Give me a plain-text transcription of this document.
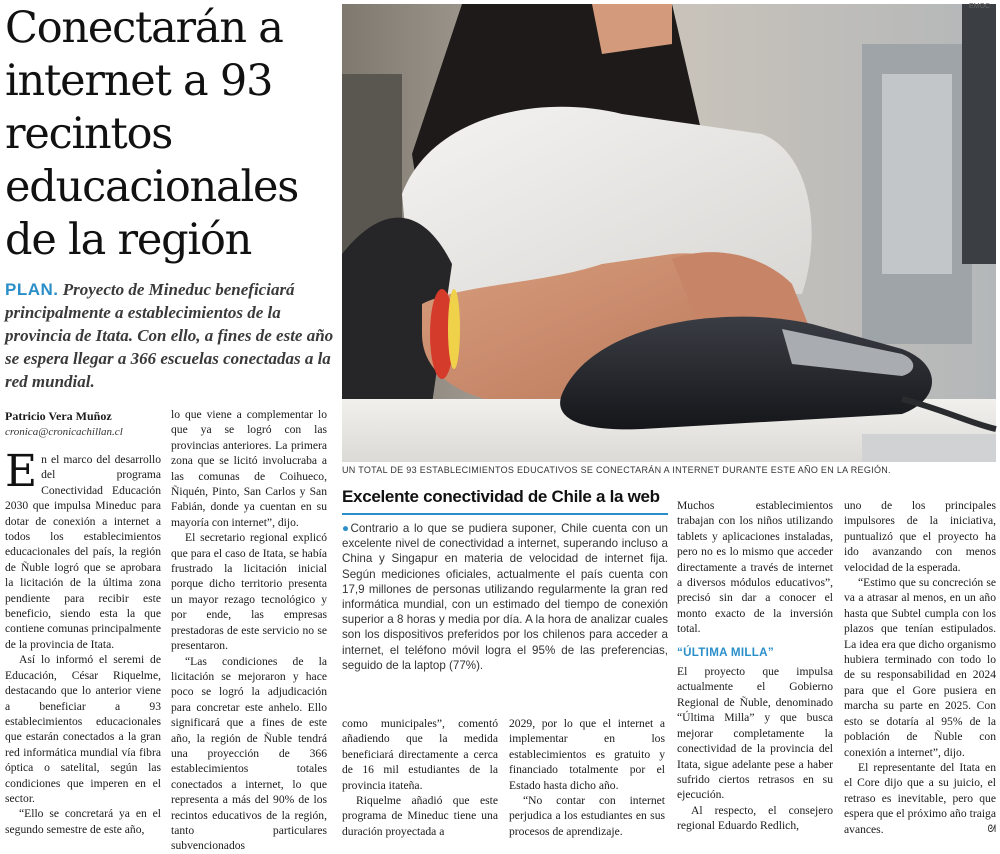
Conectarán a internet a 93 recintos educacionales de la región
PLAN. Proyecto de Mineduc beneficiará principalmente a establecimientos de la provincia de Itata. Con ello, a fines de este año se espera llegar a 366 escuelas conectadas a la red mundial.
Patricio Vera Muñoz
cronica@cronicachillan.cl

En el marco del desarrollo del programa Conectividad Educación 2030 que impulsa Mineduc para dotar de conexión a internet a todos los establecimientos educacionales del país, la región de Ñuble logró que se aprobara la licitación de la última zona pendiente para recibir este beneficio, siendo esta la que contiene comunas principalmente de la provincia de Itata.

Así lo informó el seremi de Educación, César Riquelme, destacando que lo anterior viene a beneficiar a 93 establecimientos educacionales que estarán conectados a la gran red informática mundial vía fibra óptica o satelital, según las condiciones que imperen en el sector.

“Ello se concretará ya en el segundo semestre de este año,

lo que viene a complementar lo que ya se logró con las provincias anteriores. La primera zona que se licitó involucraba a las comunas de Coihueco, Ñiquén, Pinto, San Carlos y San Fabián, donde ya cuentan en su mayoría con internet”, dijo.

El secretario regional explicó que para el caso de Itata, se había frustrado la licitación inicial porque dicho territorio presenta un mayor rezago tecnológico y por ende, las empresas prestadoras de este servicio no se presentaron.

“Las condiciones de la licitación se mejoraron y hace poco se logró la adjudicación para concretar este anhelo. Ello significará que a fines de este año, la región de Ñuble tendrá una proyección de 366 establecimientos totales conectados a internet, lo que representa a más del 90% de los recintos educativos de la región, tanto particulares subvencionados

EMOC
UN TOTAL DE 93 ESTABLECIMIENTOS EDUCATIVOS SE CONECTARÁN A INTERNET DURANTE ESTE AÑO EN LA REGIÓN.
Excelente conectividad de Chile a la web
●Contrario a lo que se pudiera suponer, Chile cuenta con un excelente nivel de conectividad a internet, superando incluso a China y Singapur en materia de velocidad de internet fija. Según mediciones oficiales, actualmente el país cuenta con 17,9 millones de personas utilizando regularmente la gran red informática mundial, con un estimado del tiempo de conexión superior a 8 horas y media por día. A la hora de analizar cuales son los dispositivos preferidos por los chilenos para acceder a internet, el teléfono móvil logra el 95% de las preferencias, seguido de la laptop (77%).

como municipales”, comentó añadiendo que la medida beneficiará directamente a cerca de 16 mil estudiantes de la provincia itateña.

Riquelme añadió que este programa de Mineduc tiene una duración proyectada a

2029, por lo que el internet a implementar en los establecimientos es gratuito y financiado totalmente por el Estado hasta dicho año.

“No contar con internet perjudica a los estudiantes en sus procesos de aprendizaje.

Muchos establecimientos trabajan con los niños utilizando tablets y aplicaciones instaladas, pero no es lo mismo que acceder directamente a través de internet a diversos módulos educativos”, precisó sin dar a conocer el monto exacto de la inversión total.

“ÚLTIMA MILLA”

El proyecto que impulsa actualmente el Gobierno Regional de Ñuble, denominado “Última Milla” y que busca mejorar completamente la conectividad de la provincia del Itata, sigue adelante pese a haber sufrido ciertos retrasos en su ejecución.

Al respecto, el consejero regional Eduardo Redlich,

uno de los principales impulsores de la iniciativa, puntualizó que el proyecto ha ido avanzando con menos velocidad de la esperada.

“Estimo que su concreción se va a atrasar al menos, en un año hasta que Subtel cumpla con los plazos que tenían estipulados. La idea era que dicho organismo hubiera terminado con todo lo de su responsabilidad en 2024 para que el Gore pusiera en marcha su parte en 2025. Con esto se dotaría al 95% de la población de Ñuble con conexión a internet”, dijo.

El representante del Itata en el Core dijo que a su juicio, el retraso es inevitable, pero que espera que el próximo año traiga avances.	ᘛ
